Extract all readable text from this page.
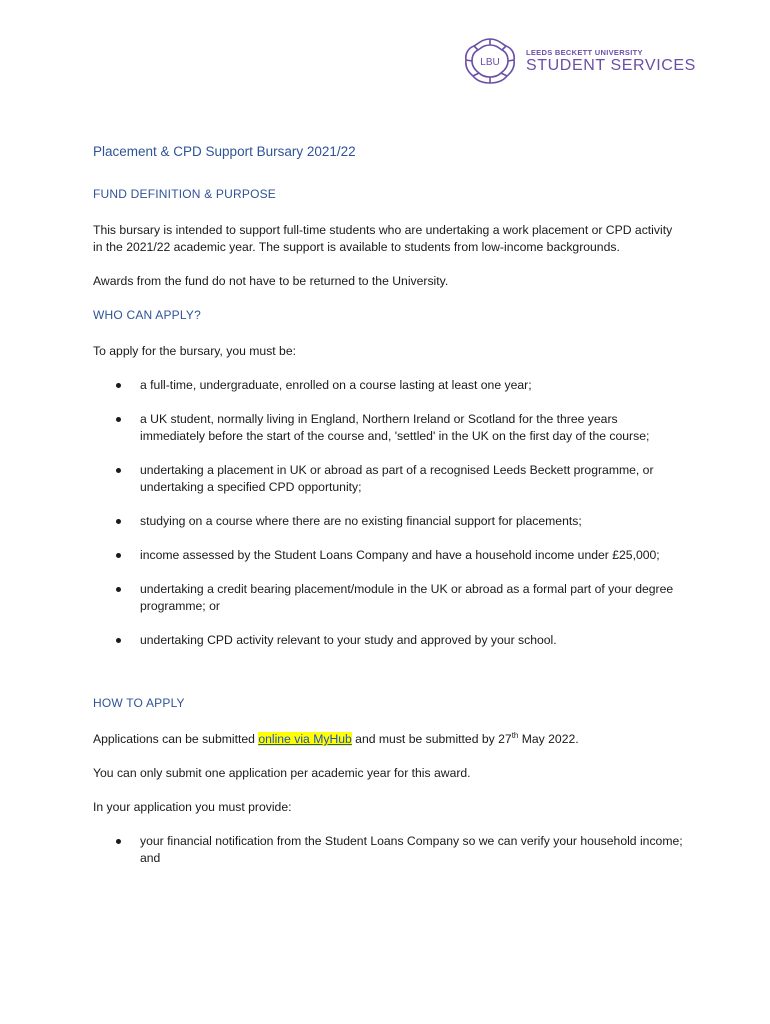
LBU
LEEDS BECKETT UNIVERSITY
STUDENT SERVICES
Placement & CPD Support Bursary 2021/22
FUND DEFINITION & PURPOSE

This bursary is intended to support full-time students who are undertaking a work placement or CPD activity in the 2021/22 academic year. The support is available to students from low-income backgrounds.

Awards from the fund do not have to be returned to the University.

WHO CAN APPLY?

To apply for the bursary, you must be:

a full-time, undergraduate, enrolled on a course lasting at least one year;
a UK student, normally living in England, Northern Ireland or Scotland for the three years immediately before the start of the course and, 'settled' in the UK on the first day of the course;
undertaking a placement in UK or abroad as part of a recognised Leeds Beckett programme, or undertaking a specified CPD opportunity;
studying on a course where there are no existing financial support for placements;
income assessed by the Student Loans Company and have a household income under £25,000;
undertaking a credit bearing placement/module in the UK or abroad as a formal part of your degree programme; or
undertaking CPD activity relevant to your study and approved by your school.
HOW TO APPLY

Applications can be submitted online via MyHub and must be submitted by 27th May 2022.

You can only submit one application per academic year for this award.

In your application you must provide:

your financial notification from the Student Loans Company so we can verify your household income; and
